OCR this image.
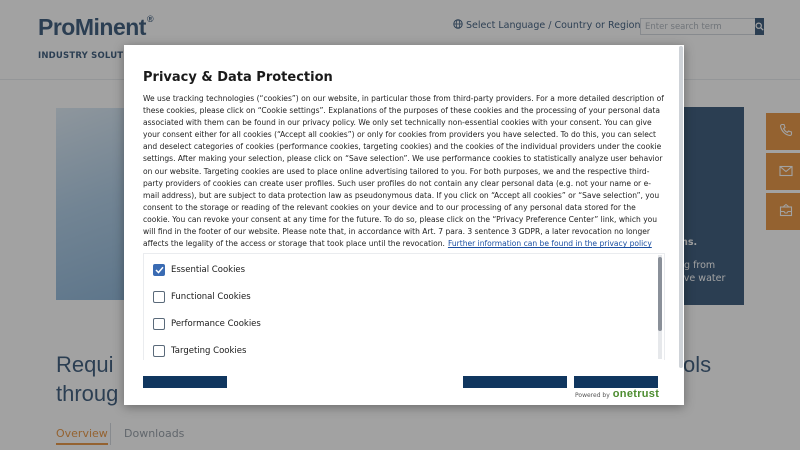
Enter search term
Privacy & Data Protection
We use tracking technologies (“cookies”) on our website, in particular those from third-party providers. For a more detailed description of these cookies, please click on “Cookie settings”. Explanations of the purposes of these cookies and the processing of your personal data associated with them can be found in our privacy policy. We only set technically non-essential cookies with your consent. You can give your consent either for all cookies (“Accept all cookies”) or only for cookies from providers you have selected. To do this, you can select and deselect categories of cookies (performance cookies, targeting cookies) and the cookies of the individual providers under the cookie settings. After making your selection, please click on “Save selection”. We use performance cookies to statistically analyze user behavior on our website. Targeting cookies are used to place online advertising tailored to you. For both purposes, we and the respective third-party providers of cookies can create user profiles. Such user profiles do not contain any clear personal data (e.g. not your name or e-mail address), but are subject to data protection law as pseudonymous data. If you click on “Accept all cookies” or “Save selection”, you consent to the storage or reading of the relevant cookies on your device and to our processing of any personal data stored for the cookie. You can revoke your consent at any time for the future. To do so, please click on the “Privacy Preference Center” link, which you will find in the footer of our website. Please note that, in accordance with Art. 7 para. 3 sentence 3 GDPR, a later revocation no longer affects the legality of the access or storage that took place until the revocation. Further information can be found in the privacy policy
Essential Cookies
Functional Cookies
Performance Cookies
Targeting Cookies
Powered by onetrust
